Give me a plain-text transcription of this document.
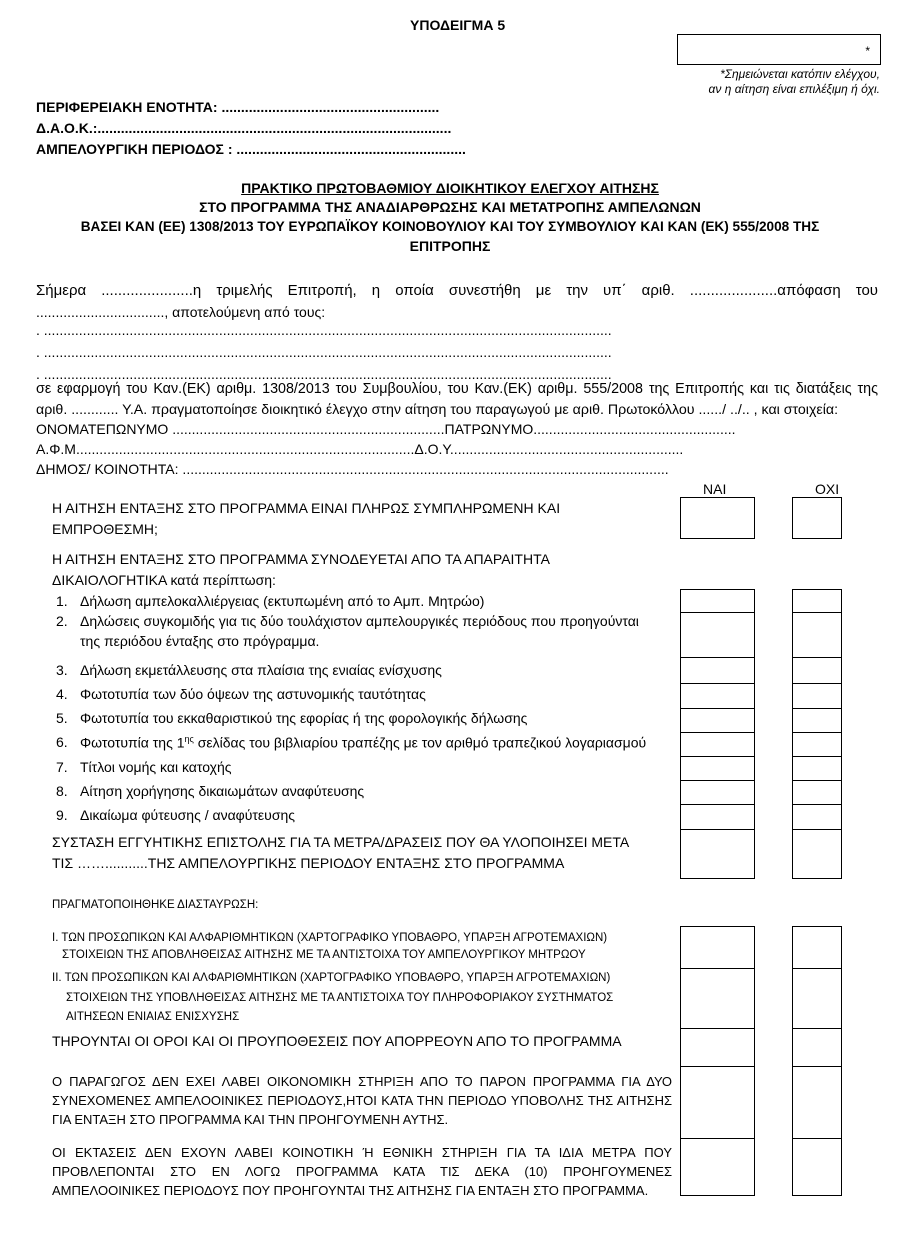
ΥΠΟΔΕΙΓΜΑ 5
*
*Σημειώνεται κατόπιν ελέγχου,
αν η αίτηση είναι επιλέξιμη ή όχι.
ΠΕΡΙΦΕΡΕΙΑΚΗ ΕΝΟΤΗΤΑ: ........................................................
Δ.Α.Ο.Κ.:...........................................................................................
ΑΜΠΕΛΟΥΡΓΙΚΗ ΠΕΡΙΟΔΟΣ : ...........................................................
ΠΡΑΚΤΙΚΟ ΠΡΩΤΟΒΑΘΜΙΟΥ ΔΙΟΙΚΗΤΙΚΟΥ ΕΛΕΓΧΟΥ ΑΙΤΗΣΗΣ
ΣΤΟ ΠΡΟΓΡΑΜΜΑ ΤΗΣ ΑΝΑΔΙΑΡΘΡΩΣΗΣ ΚΑΙ ΜΕΤΑΤΡΟΠΗΣ ΑΜΠΕΛΩΝΩΝ
ΒΑΣΕΙ ΚΑΝ (ΕΕ) 1308/2013 ΤΟΥ ΕΥΡΩΠΑΪΚΟΥ ΚΟΙΝΟΒΟΥΛΙΟΥ ΚΑΙ ΤΟΥ ΣΥΜΒΟΥΛΙΟΥ ΚΑΙ ΚΑΝ (ΕΚ) 555/2008 ΤΗΣ
ΕΠΙΤΡΟΠΗΣ
Σήμερα ......................η τριμελής Επιτροπή, η οποία συνεστήθη με την υπ΄ αριθ. .....................απόφαση του
................................., αποτελούμενη από τους:
. ..................................................................................................................................................
. ..................................................................................................................................................
. ..................................................................................................................................................
σε εφαρμογή του Καν.(ΕΚ) αριθμ. 1308/2013 του Συμβουλίου, του Καν.(ΕΚ) αριθμ. 555/2008 της Επιτροπής και τις διατάξεις της
αριθ. ............ Υ.Α. πραγματοποίησε διοικητικό έλεγχο στην αίτηση του παραγωγού με αριθ. Πρωτοκόλλου ....../ ../.. , και στοιχεία:
ΟΝΟΜΑΤΕΠΩΝΥΜΟ ......................................................................ΠΑΤΡΩΝΥΜΟ....................................................
Α.Φ.Μ.......................................................................................Δ.Ο.Υ............................................................
ΔΗΜΟΣ/ ΚΟΙΝΟΤΗΤΑ: .............................................................................................................................
ΝΑΙ	ΟΧΙ
Η ΑΙΤΗΣΗ ΕΝΤΑΞΗΣ ΣΤΟ ΠΡΟΓΡΑΜΜΑ ΕΙΝΑΙ ΠΛΗΡΩΣ ΣΥΜΠΛΗΡΩΜΕΝΗ ΚΑΙ
ΕΜΠΡΟΘΕΣΜΗ;
Η ΑΙΤΗΣΗ ΕΝΤΑΞΗΣ ΣΤΟ ΠΡΟΓΡΑΜΜΑ ΣΥΝΟΔΕΥΕΤΑΙ ΑΠΟ ΤΑ ΑΠΑΡΑΙΤΗΤΑ
ΔΙΚΑΙΟΛΟΓΗΤΙΚΑ κατά περίπτωση:
1. Δήλωση αμπελοκαλλιέργειας (εκτυπωμένη από το Αμπ. Μητρώο)
2. Δηλώσεις συγκομιδής για τις δύο τουλάχιστον αμπελουργικές περιόδους που προηγούνται
της περιόδου ένταξης στο πρόγραμμα.
3. Δήλωση εκμετάλλευσης στα πλαίσια της ενιαίας ενίσχυσης
4. Φωτοτυπία των δύο όψεων της αστυνομικής ταυτότητας
5. Φωτοτυπία του εκκαθαριστικού της εφορίας ή της φορολογικής δήλωσης
6. Φωτοτυπία της $1^{\eta\varsigma}$ σελίδας του βιβλιαρίου τραπέζης με τον αριθμό τραπεζικού λογαριασμού
7. Τίτλοι νομής και κατοχής
8. Αίτηση χορήγησης δικαιωμάτων αναφύτευσης
9. Δικαίωμα φύτευσης / αναφύτευσης
ΣΥΣΤΑΣΗ ΕΓΓΥΗΤΙΚΗΣ ΕΠΙΣΤΟΛΗΣ ΓΙΑ ΤΑ ΜΕΤΡΑ/ΔΡΑΣΕΙΣ ΠΟΥ ΘΑ ΥΛΟΠΟΙΗΣΕΙ ΜΕΤΑ
ΤΙΣ ……...........ΤΗΣ ΑΜΠΕΛΟΥΡΓΙΚΗΣ ΠΕΡΙΟΔΟΥ ΕΝΤΑΞΗΣ ΣΤΟ ΠΡΟΓΡΑΜΜΑ
ΠΡΑΓΜΑΤΟΠΟΙΗΘΗΚΕ ΔΙΑΣΤΑΥΡΩΣΗ:
Ι. ΤΩΝ ΠΡΟΣΩΠΙΚΩΝ ΚΑΙ ΑΛΦΑΡΙΘΜΗΤΙΚΩΝ (ΧΑΡΤΟΓΡΑΦΙΚΟ ΥΠΟΒΑΘΡΟ, ΥΠΑΡΞΗ ΑΓΡΟΤΕΜΑΧΙΩΝ)
ΣΤΟΙΧΕΙΩΝ ΤΗΣ ΑΠΟΒΛΗΘΕΙΣΑΣ ΑΙΤΗΣΗΣ ΜΕ ΤΑ ΑΝΤΙΣΤΟΙΧΑ ΤΟΥ ΑΜΠΕΛΟΥΡΓΙΚΟΥ ΜΗΤΡΩΟΥ
ΙΙ. ΤΩΝ ΠΡΟΣΩΠΙΚΩΝ ΚΑΙ ΑΛΦΑΡΙΘΜΗΤΙΚΩΝ (ΧΑΡΤΟΓΡΑΦΙΚΟ ΥΠΟΒΑΘΡΟ, ΥΠΑΡΞΗ ΑΓΡΟΤΕΜΑΧΙΩΝ)
ΣΤΟΙΧΕΙΩΝ ΤΗΣ ΥΠΟΒΛΗΘΕΙΣΑΣ ΑΙΤΗΣΗΣ ΜΕ ΤΑ ΑΝΤΙΣΤΟΙΧΑ ΤΟΥ ΠΛΗΡΟΦΟΡΙΑΚΟΥ ΣΥΣΤΗΜΑΤΟΣ
ΑΙΤΗΣΕΩΝ ΕΝΙΑΙΑΣ ΕΝΙΣΧΥΣΗΣ
ΤΗΡΟΥΝΤΑΙ ΟΙ ΟΡΟΙ ΚΑΙ ΟΙ ΠΡΟΥΠΟΘΕΣΕΙΣ ΠΟΥ ΑΠΟΡΡΕΟΥΝ ΑΠΟ ΤΟ ΠΡΟΓΡΑΜΜΑ
Ο ΠΑΡΑΓΩΓΟΣ ΔΕΝ ΕΧΕΙ ΛΑΒΕΙ ΟΙΚΟΝΟΜΙΚΗ ΣΤΗΡΙΞΗ ΑΠΟ ΤΟ ΠΑΡΟΝ ΠΡΟΓΡΑΜΜΑ ΓΙΑ ΔΥΟ ΣΥΝΕΧΟΜΕΝΕΣ ΑΜΠΕΛΟΟΙΝΙΚΕΣ ΠΕΡΙΟΔΟΥΣ,ΗΤΟΙ ΚΑΤΑ ΤΗΝ ΠΕΡΙΟΔΟ ΥΠΟΒΟΛΗΣ ΤΗΣ ΑΙΤΗΣΗΣ ΓΙΑ ΕΝΤΑΞΗ ΣΤΟ ΠΡΟΓΡΑΜΜΑ ΚΑΙ ΤΗΝ ΠΡΟΗΓΟΥΜΕΝΗ ΑΥΤΗΣ.
ΟΙ ΕΚΤΑΣΕΙΣ ΔΕΝ ΕΧΟΥΝ ΛΑΒΕΙ ΚΟΙΝΟΤΙΚΗ Ή ΕΘΝΙΚΗ ΣΤΗΡΙΞΗ ΓΙΑ ΤΑ ΙΔΙΑ ΜΕΤΡΑ ΠΟΥ ΠΡΟΒΛΕΠΟΝΤΑΙ ΣΤΟ ΕΝ ΛΟΓΩ ΠΡΟΓΡΑΜΜΑ ΚΑΤΑ ΤΙΣ ΔΕΚΑ (10) ΠΡΟΗΓΟΥΜΕΝΕΣ ΑΜΠΕΛΟΟΙΝΙΚΕΣ ΠΕΡΙΟΔΟΥΣ ΠΟΥ ΠΡΟΗΓΟΥΝΤΑΙ ΤΗΣ ΑΙΤΗΣΗΣ ΓΙΑ ΕΝΤΑΞΗ ΣΤΟ ΠΡΟΓΡΑΜΜΑ.
